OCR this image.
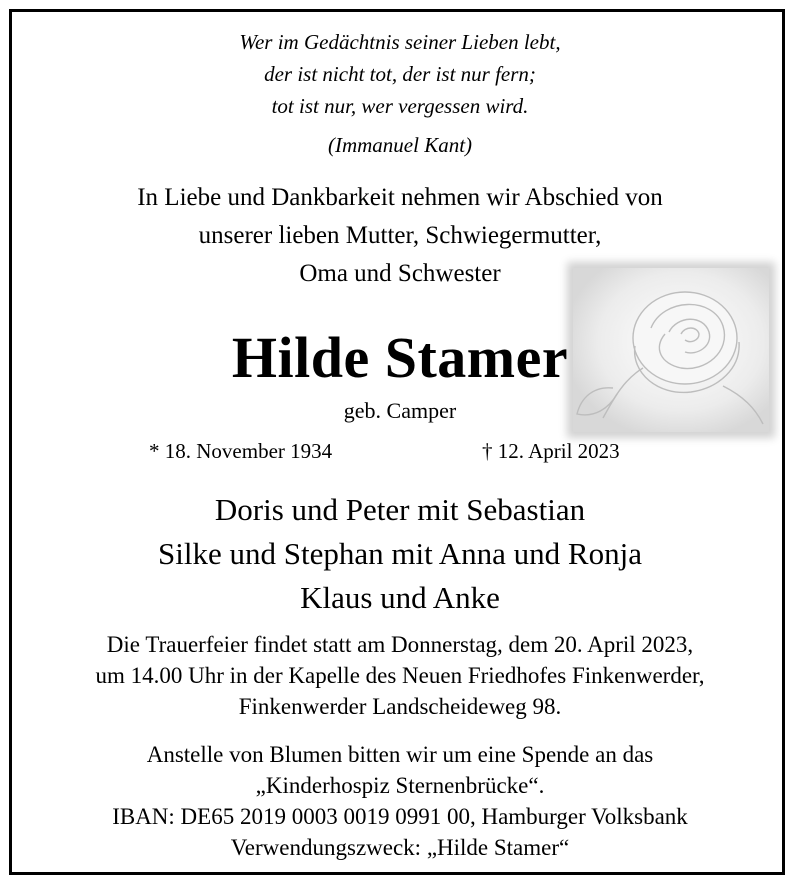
Wer im Gedächtnis seiner Lieben lebt,
der ist nicht tot, der ist nur fern;
tot ist nur, wer vergessen wird.
(Immanuel Kant)
In Liebe und Dankbarkeit nehmen wir Abschied von
unserer lieben Mutter, Schwiegermutter,
Oma und Schwester
Hilde Stamer
geb. Camper
* 18. November 1934	† 12. April 2023
Doris und Peter mit Sebastian
Silke und Stephan mit Anna und Ronja
Klaus und Anke
Die Trauerfeier findet statt am Donnerstag, dem 20. April 2023,
um 14.00 Uhr in der Kapelle des Neuen Friedhofes Finkenwerder,
Finkenwerder Landscheideweg 98.
Anstelle von Blumen bitten wir um eine Spende an das
„Kinderhospiz Sternenbrücke“.
IBAN: DE65 2019 0003 0019 0991 00, Hamburger Volksbank
Verwendungszweck: „Hilde Stamer“
